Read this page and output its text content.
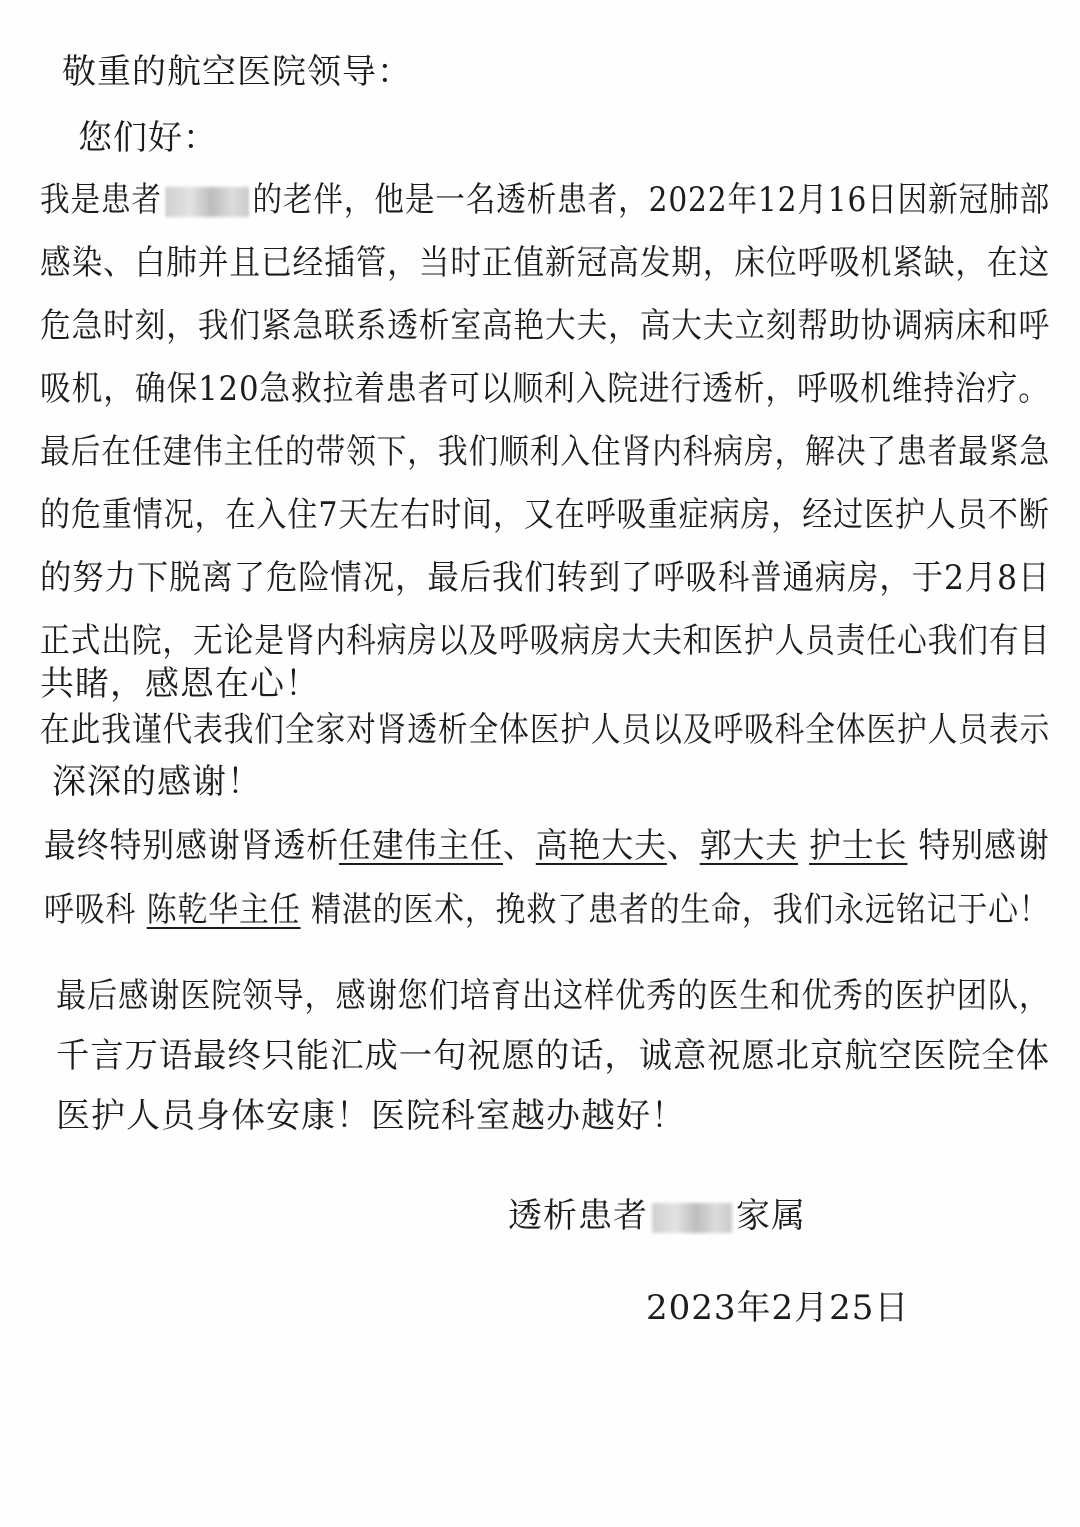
敬重的航空医院领导：
您们好：
我是患者	的老伴，他是一名透析患者，2022年12月16日因新冠肺部
感染、白肺并且已经插管，当时正值新冠高发期，床位呼吸机紧缺，在这
危急时刻，我们紧急联系透析室高艳大夫，高大夫立刻帮助协调病床和呼
吸机，确保120急救拉着患者可以顺利入院进行透析，呼吸机维持治疗。
最后在任建伟主任的带领下，我们顺利入住肾内科病房，解决了患者最紧急
的危重情况，在入住7天左右时间，又在呼吸重症病房，经过医护人员不断
的努力下脱离了危险情况，最后我们转到了呼吸科普通病房，于2月8日
正式出院，无论是肾内科病房以及呼吸病房大夫和医护人员责任心我们有目
共睹，感恩在心！
在此我谨代表我们全家对肾透析全体医护人员以及呼吸科全体医护人员表示
深深的感谢！
最终特别感谢肾透析任建伟主任、高艳大夫、郭大夫 护士长 特别感谢
呼吸科 陈乾华主任 精湛的医术，挽救了患者的生命，我们永远铭记于心！
最后感谢医院领导，感谢您们培育出这样优秀的医生和优秀的医护团队，
千言万语最终只能汇成一句祝愿的话，诚意祝愿北京航空医院全体
医护人员身体安康！医院科室越办越好！
透析患者	家属
2023年2月25日
